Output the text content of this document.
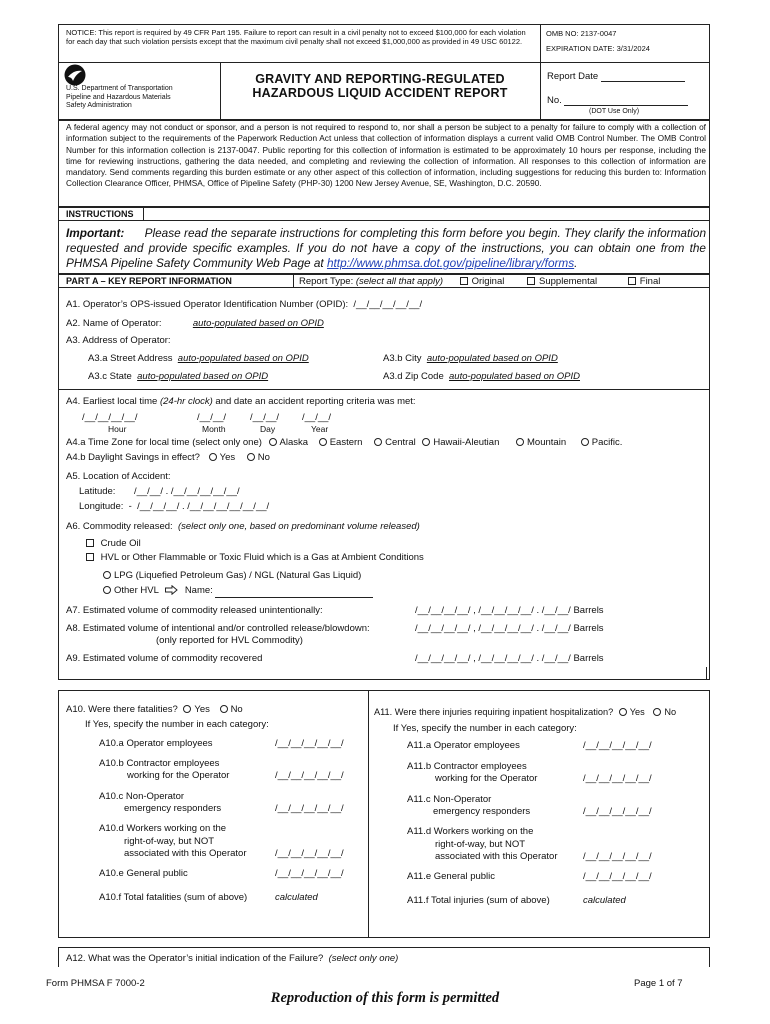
NOTICE: This report is required by 49 CFR Part 195. Failure to report can result in a civil penalty not to exceed $100,000 for each violation for each day that such violation persists except that the maximum civil penalty shall not exceed $1,000,000 as provided in 49 USC 60122.
OMB NO: 2137-0047
EXPIRATION DATE: 3/31/2024
U.S. Department of Transportation
Pipeline and Hazardous Materials
Safety Administration
GRAVITY AND REPORTING-REGULATED
HAZARDOUS LIQUID ACCIDENT REPORT
Report Date
No.
(DOT Use Only)
A federal agency may not conduct or sponsor, and a person is not required to respond to, nor shall a person be subject to a penalty for failure to comply with a collection of information subject to the requirements of the Paperwork Reduction Act unless that collection of information displays a current valid OMB Control Number. The OMB Control Number for this information collection is 2137-0047. Public reporting for this collection of information is estimated to be approximately 10 hours per response, including the time for reviewing instructions, gathering the data needed, and completing and reviewing the collection of information. All responses to this collection of information are mandatory. Send comments regarding this burden estimate or any other aspect of this collection of information, including suggestions for reducing this burden to: Information Collection Clearance Officer, PHMSA, Office of Pipeline Safety (PHP-30) 1200 New Jersey Avenue, SE, Washington, D.C. 20590.
INSTRUCTIONS
Important: Please read the separate instructions for completing this form before you begin. They clarify the information requested and provide specific examples. If you do not have a copy of the instructions, you can obtain one from the PHMSA Pipeline Safety Community Web Page at http://www.phmsa.dot.gov/pipeline/library/forms.
PART A – KEY REPORT INFORMATION	Report Type: (select all that apply)	Original	Supplemental	Final
A1. Operator’s OPS-issued Operator Identification Number (OPID): /__/__/__/__/__/
A2. Name of Operator:	auto-populated based on OPID
A3. Address of Operator:
A3.a Street Address auto-populated based on OPID	A3.b City auto-populated based on OPID
A3.c State auto-populated based on OPID	A3.d Zip Code auto-populated based on OPID
A4. Earliest local time (24-hr clock) and date an accident reporting criteria was met:
/__/__/__/__/	/__/__/	/__/__/ /__/__/
Hour	Month	Day	Year
A4.a Time Zone for local time (select only one) Alaska Eastern Central Hawaii-Aleutian	Mountain	Pacific.
A4.b Daylight Savings in effect? Yes No
A5. Location of Accident:
Latitude: /__/__/ . /__/__/__/__/__/
Longitude: -  /__/__/__/ . /__/__/__/__/__/__/
A6. Commodity released: (select only one, based on predominant volume released)
Crude Oil
HVL or Other Flammable or Toxic Fluid which is a Gas at Ambient Conditions
LPG (Liquefied Petroleum Gas) / NGL (Natural Gas Liquid)
Other HVL	Name:
A7. Estimated volume of commodity released unintentionally:	/__/__/__/__/ , /__/__/__/__/ . /__/__/ Barrels
A8. Estimated volume of intentional and/or controlled release/blowdown:	/__/__/__/__/ , /__/__/__/__/ . /__/__/ Barrels
(only reported for HVL Commodity)
A9. Estimated volume of commodity recovered	/__/__/__/__/ , /__/__/__/__/ . /__/__/ Barrels
A10. Were there fatalities? Yes No
If Yes, specify the number in each category:
A10.a Operator employees	/__/__/__/__/__/
A10.b Contractor employees
working for the Operator	/__/__/__/__/__/
A10.c Non-Operator
emergency responders	/__/__/__/__/__/
A10.d Workers working on the
right-of-way, but NOT
associated with this Operator	/__/__/__/__/__/
A10.e General public	/__/__/__/__/__/
A10.f Total fatalities (sum of above)	calculated
A11. Were there injuries requiring inpatient hospitalization? Yes No
If Yes, specify the number in each category:
A11.a Operator employees	/__/__/__/__/__/
A11.b Contractor employees
working for the Operator	/__/__/__/__/__/
A11.c Non-Operator
emergency responders	/__/__/__/__/__/
A11.d Workers working on the
right-of-way, but NOT
associated with this Operator	/__/__/__/__/__/
A11.e General public	/__/__/__/__/__/
A11.f Total injuries (sum of above)	calculated
A12. What was the Operator’s initial indication of the Failure? (select only one)
Form PHMSA F 7000-2	Page 1 of 7
Reproduction of this form is permitted
